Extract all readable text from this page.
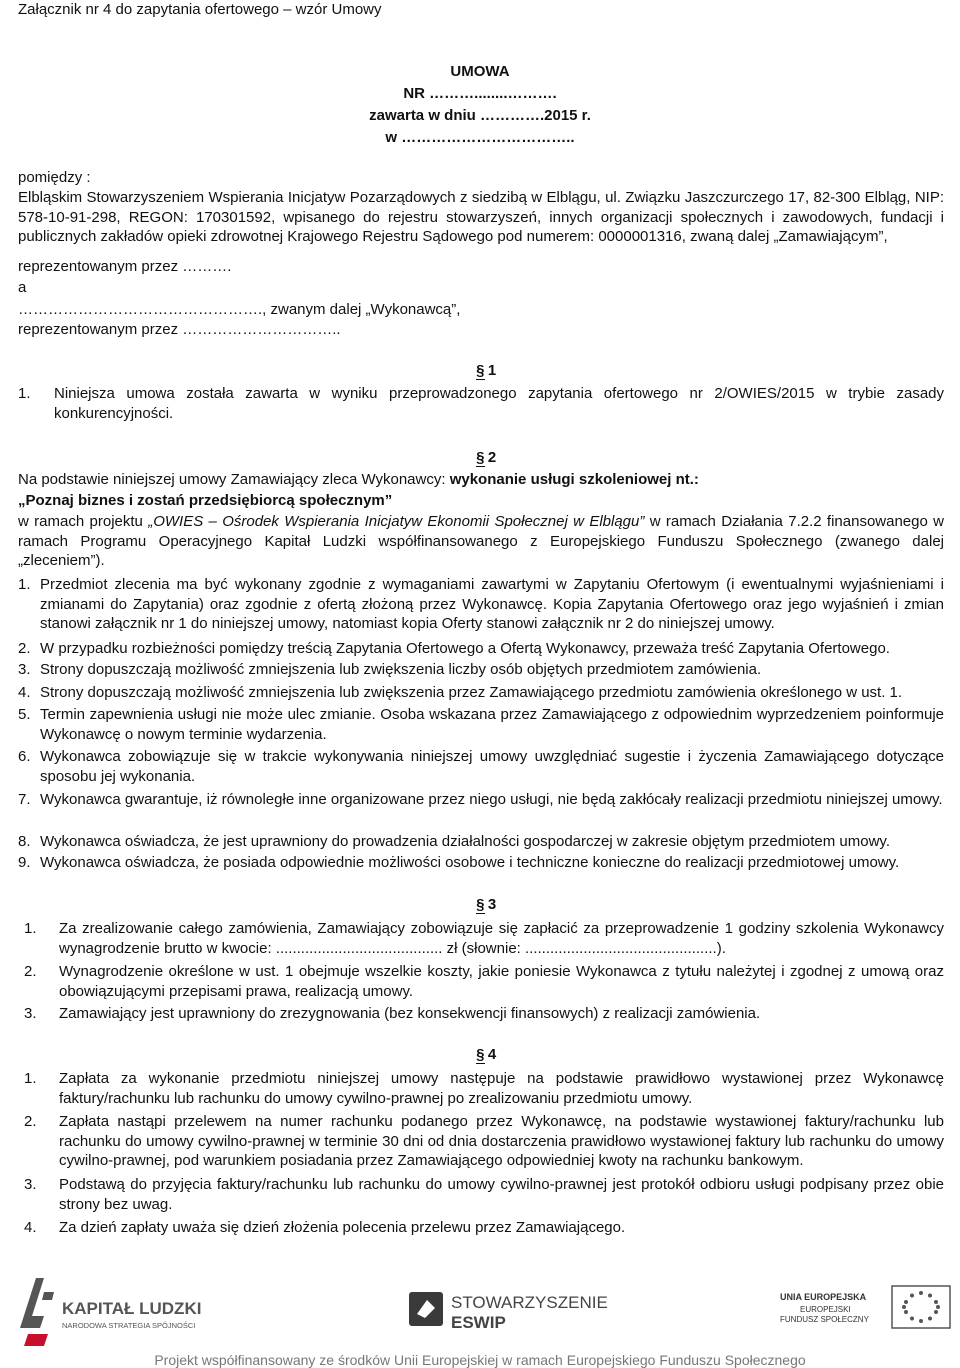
Załącznik nr 4 do zapytania ofertowego – wzór Umowy

UMOWA
NR ………........……….
zawarta w dniu ………….2015 r.
w ……………………………..

pomiędzy :

Elbląskim Stowarzyszeniem Wspierania Inicjatyw Pozarządowych z siedzibą w Elblągu, ul. Związku Jaszczurczego 17, 82-300 Elbląg, NIP: 578-10-91-298, REGON: 170301592, wpisanego do rejestru stowarzyszeń, innych organizacji społecznych i zawodowych, fundacji i publicznych zakładów opieki zdrowotnej Krajowego Rejestru Sądowego pod numerem: 0000001316, zwaną dalej „Zamawiającym”,

reprezentowanym przez ……….

a

…………………………………………., zwanym dalej „Wykonawcą”,

reprezentowanym przez …………………………..

§ 1
1. Niniejsza umowa została zawarta w wyniku przeprowadzonego zapytania ofertowego nr 2/OWIES/2015 w trybie zasady konkurencyjności.
§ 2

Na podstawie niniejszej umowy Zamawiający zleca Wykonawcy: wykonanie usługi szkoleniowej nt.:

„Poznaj biznes i zostań przedsiębiorcą społecznym”

w ramach projektu „OWIES – Ośrodek Wspierania Inicjatyw Ekonomii Społecznej w Elblągu” w ramach Działania 7.2.2 finansowanego w ramach Programu Operacyjnego Kapitał Ludzki współfinansowanego z Europejskiego Funduszu Społecznego (zwanego dalej „zleceniem”).

1. Przedmiot zlecenia ma być wykonany zgodnie z wymaganiami zawartymi w Zapytaniu Ofertowym (i ewentualnymi wyjaśnieniami i zmianami do Zapytania) oraz zgodnie z ofertą złożoną przez Wykonawcę. Kopia Zapytania Ofertowego oraz jego wyjaśnień i zmian stanowi załącznik nr 1 do niniejszej umowy, natomiast kopia Oferty stanowi załącznik nr 2 do niniejszej umowy.
2. W przypadku rozbieżności pomiędzy treścią Zapytania Ofertowego a Ofertą Wykonawcy, przeważa treść Zapytania Ofertowego.
3. Strony dopuszczają możliwość zmniejszenia lub zwiększenia liczby osób objętych przedmiotem zamówienia.
4. Strony dopuszczają możliwość zmniejszenia lub zwiększenia przez Zamawiającego przedmiotu zamówienia określonego w ust. 1.
5. Termin zapewnienia usługi nie może ulec zmianie. Osoba wskazana przez Zamawiającego z odpowiednim wyprzedzeniem poinformuje Wykonawcę o nowym terminie wydarzenia.
6. Wykonawca zobowiązuje się w trakcie wykonywania niniejszej umowy uwzględniać sugestie i życzenia Zamawiającego dotyczące sposobu jej wykonania.
7. Wykonawca gwarantuje, iż równoległe inne organizowane przez niego usługi, nie będą zakłócały realizacji przedmiotu niniejszej umowy.
8. Wykonawca oświadcza, że jest uprawniony do prowadzenia działalności gospodarczej w zakresie objętym przedmiotem umowy.
9. Wykonawca oświadcza, że posiada odpowiednie możliwości osobowe i techniczne konieczne do realizacji przedmiotowej umowy.
§ 3
1. Za zrealizowanie całego zamówienia, Zamawiający zobowiązuje się zapłacić za przeprowadzenie 1 godziny szkolenia Wykonawcy wynagrodzenie brutto w kwocie: ........................................ zł (słownie: ..............................................).
2. Wynagrodzenie określone w ust. 1 obejmuje wszelkie koszty, jakie poniesie Wykonawca z tytułu należytej i zgodnej z umową oraz obowiązującymi przepisami prawa, realizacją umowy.
3. Zamawiający jest uprawniony do zrezygnowania (bez konsekwencji finansowych) z realizacji zamówienia.
§ 4
1. Zapłata za wykonanie przedmiotu niniejszej umowy następuje na podstawie prawidłowo wystawionej przez Wykonawcę faktury/rachunku lub rachunku do umowy cywilno-prawnej po zrealizowaniu przedmiotu umowy.
2. Zapłata nastąpi przelewem na numer rachunku podanego przez Wykonawcę, na podstawie wystawionej faktury/rachunku lub rachunku do umowy cywilno-prawnej w terminie 30 dni od dnia dostarczenia prawidłowo wystawionej faktury lub rachunku do umowy cywilno-prawnej, pod warunkiem posiadania przez Zamawiającego odpowiedniej kwoty na rachunku bankowym.
3. Podstawą do przyjęcia faktury/rachunku lub rachunku do umowy cywilno-prawnej jest protokół odbioru usługi podpisany przez obie strony bez uwag.
4. Za dzień zapłaty uważa się dzień złożenia polecenia przelewu przez Zamawiającego.
KAPITAŁ LUDZKI
NARODOWA STRATEGIA SPÓJNOŚCI
STOWARZYSZENIE
ESWIP
UNIA EUROPEJSKA
EUROPEJSKI
FUNDUSZ SPOŁECZNY
Projekt współfinansowany ze środków Unii Europejskiej w ramach Europejskiego Funduszu Społecznego
